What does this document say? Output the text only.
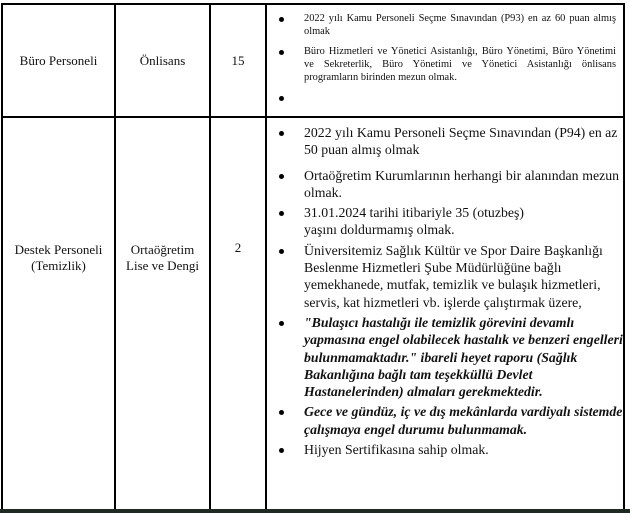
Büro Personeli	Önlisans	15
2022 yılı Kamu Personeli Seçme Sınavından (P93) en az 60 puan almış olmak
Büro Hizmetleri ve Yönetici Asistanlığı, Büro Yönetimi, Büro Yönetimi ve Sekreterlik, Büro Yönetimi ve Yönetici Asistanlığı önlisans programların birinden mezun olmak.
Destek Personeli
(Temizlik)
Ortaöğretim
Lise ve Dengi
2
2022 yılı Kamu Personeli Seçme Sınavından (P94) en az 50 puan almış olmak
Ortaöğretim Kurumlarının herhangi bir alanından mezun olmak.
31.01.2024 tarihi itibariyle 35 (otuzbeş) yaşını doldurmamış olmak.
Üniversitemiz Sağlık Kültür ve Spor Daire Başkanlığı Beslenme Hizmetleri Şube Müdürlüğüne bağlı yemekhanede, mutfak, temizlik ve bulaşık hizmetleri, servis, kat hizmetleri vb. işlerde çalıştırmak üzere,
"Bulaşıcı hastalığı ile temizlik görevini devamlı yapmasına engel olabilecek hastalık ve benzeri engelleri bulunmamaktadır." ibareli heyet raporu (Sağlık Bakanlığına bağlı tam teşekküllü Devlet Hastanelerinden) almaları gerekmektedir.
Gece ve gündüz, iç ve dış mekânlarda vardiyalı sistemde çalışmaya engel durumu bulunmamak.
Hijyen Sertifikasına sahip olmak.
